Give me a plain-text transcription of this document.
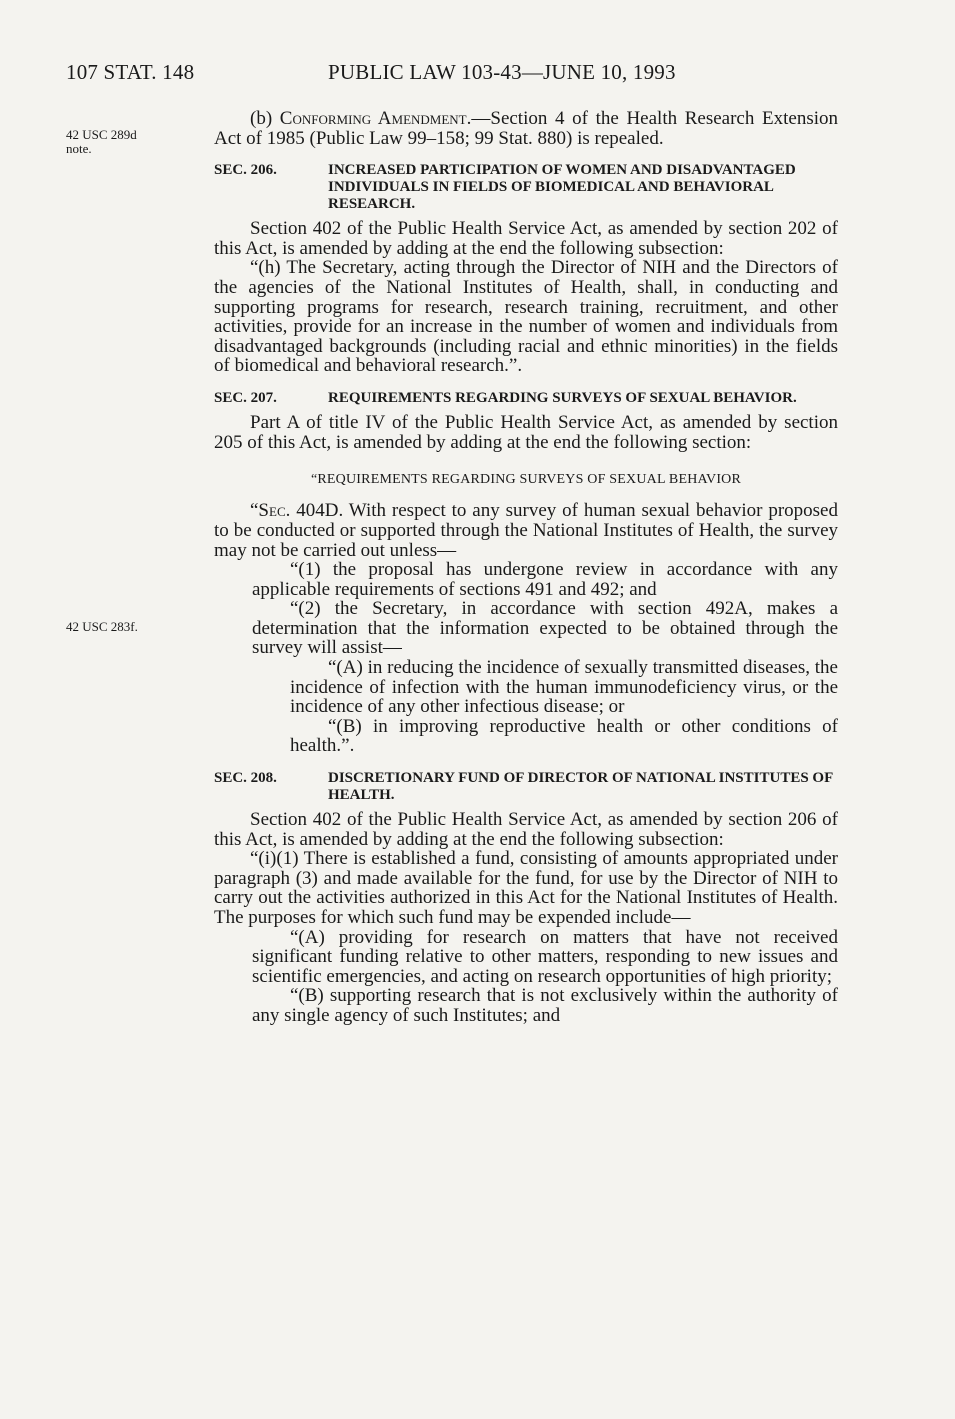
107 STAT. 148	PUBLIC LAW 103-43—JUNE 10, 1993
42 USC 289d
note.
42 USC 283f.

(b) Conforming Amendment.—Section 4 of the Health Research Extension Act of 1985 (Public Law 99–158; 99 Stat. 880) is repealed.

SEC. 206.	INCREASED PARTICIPATION OF WOMEN AND DISADVANTAGED INDIVIDUALS IN FIELDS OF BIOMEDICAL AND BEHAVIORAL RESEARCH.

Section 402 of the Public Health Service Act, as amended by section 202 of this Act, is amended by adding at the end the following subsection:

“(h) The Secretary, acting through the Director of NIH and the Directors of the agencies of the National Institutes of Health, shall, in conducting and supporting programs for research, research training, recruitment, and other activities, provide for an increase in the number of women and individuals from disadvantaged backgrounds (including racial and ethnic minorities) in the fields of biomedical and behavioral research.”.

SEC. 207.	REQUIREMENTS REGARDING SURVEYS OF SEXUAL BEHAVIOR.

Part A of title IV of the Public Health Service Act, as amended by section 205 of this Act, is amended by adding at the end the following section:

“REQUIREMENTS REGARDING SURVEYS OF SEXUAL BEHAVIOR

“Sec. 404D. With respect to any survey of human sexual behavior proposed to be conducted or supported through the National Institutes of Health, the survey may not be carried out unless—

“(1) the proposal has undergone review in accordance with any applicable requirements of sections 491 and 492; and

“(2) the Secretary, in accordance with section 492A, makes a determination that the information expected to be obtained through the survey will assist—

“(A) in reducing the incidence of sexually transmitted diseases, the incidence of infection with the human immunodeficiency virus, or the incidence of any other infectious disease; or

“(B) in improving reproductive health or other conditions of health.”.

SEC. 208.	DISCRETIONARY FUND OF DIRECTOR OF NATIONAL INSTITUTES OF HEALTH.

Section 402 of the Public Health Service Act, as amended by section 206 of this Act, is amended by adding at the end the following subsection:

“(i)(1) There is established a fund, consisting of amounts appropriated under paragraph (3) and made available for the fund, for use by the Director of NIH to carry out the activities authorized in this Act for the National Institutes of Health. The purposes for which such fund may be expended include—

“(A) providing for research on matters that have not received significant funding relative to other matters, responding to new issues and scientific emergencies, and acting on research opportunities of high priority;

“(B) supporting research that is not exclusively within the authority of any single agency of such Institutes; and
